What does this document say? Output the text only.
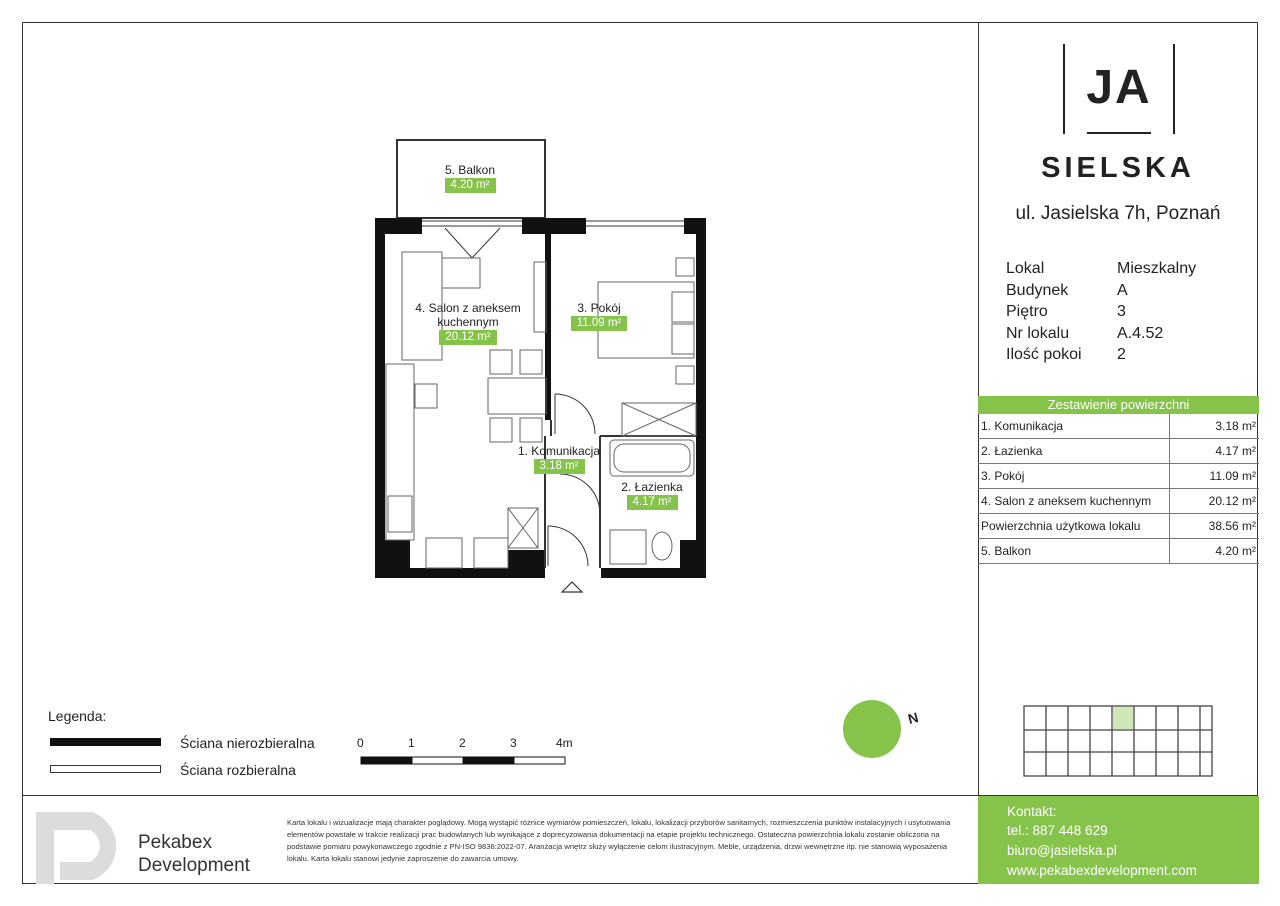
5. Balkon
4.20 m²
4. Salon z aneksem
kuchennym
20.12 m²
3. Pokój
11.09 m²
1. Komunikacja
3.18 m²
2. Łazienka
4.17 m²
N
JA
SIELSKA
ul. Jasielska 7h, Poznań
Lokal	Mieszkalny
Budynek	A
Piętro	3
Nr lokalu	A.4.52
Ilość pokoi	2
Zestawienie powierzchni
1. Komunikacja	3.18 m²
2. Łazienka	4.17 m²
3. Pokój	11.09 m²
4. Salon z aneksem kuchennym	20.12 m²
Powierzchnia użytkowa lokalu	38.56 m²
5. Balkon	4.20 m²
Legenda:
Ściana nierozbieralna
Ściana rozbieralna
0	1	2	3	4m
Pekabex
Development
Karta lokalu i wizualizacje mają charakter poglądowy. Mogą wystąpić różnice wymiarów pomieszczeń, lokalu, lokalizacji przyborów sanitarnych, rozmieszczenia punktów instalacyjnych i usytuowania elementów powstałe w trakcie realizacji prac budowlanych lub wynikające z doprecyzowania dokumentacji na etapie projektu technicznego. Ostateczna powierzchnia lokalu zostanie obliczona na podstawie pomiaru powykonawczego zgodnie z PN-ISO 9836:2022-07. Aranżacja wnętrz służy wyłączenie celom ilustracyjnym. Meble, urządzenia, drzwi wewnętrzne itp. nie stanowią wyposażenia lokalu. Karta lokalu stanowi jedynie zaproszenie do zawarcia umowy.
Kontakt:
tel.: 887 448 629
biuro@jasielska.pl
www.pekabexdevelopment.com
